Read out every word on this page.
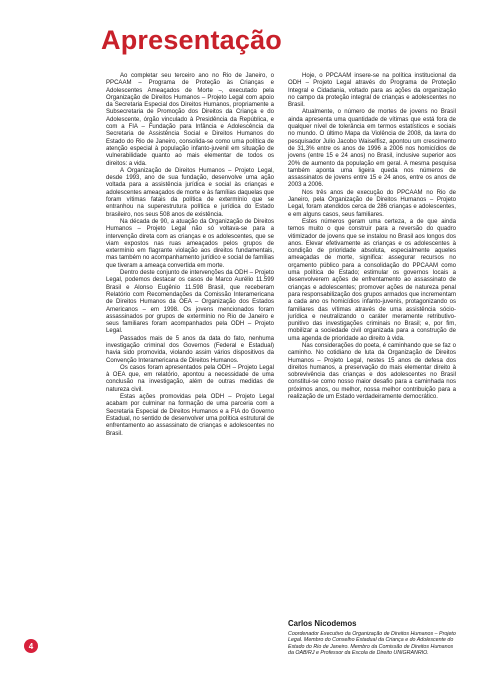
Apresentação

Ao completar seu terceiro ano no Rio de Janeiro, o PPCAAM – Programa de Proteção às Crianças e Adolescentes Ameaçados de Morte –, executado pela Organização de Direitos Humanos – Projeto Legal com apoio da Secretaria Especial dos Direitos Humanos, propriamente a Subsecretaria de Promoção dos Direitos da Criança e do Adolescente, órgão vinculado à Presidência da República, e com a FIA – Fundação para Infância e Adolescência da Secretaria de Assistência Social e Direitos Humanos do Estado do Rio de Janeiro, consolida-se como uma política de atenção especial à população infanto-juvenil em situação de vulnerabilidade quanto ao mais elementar de todos os direitos: a vida.

A Organização de Direitos Humanos – Projeto Legal, desde 1993, ano de sua fundação, desenvolve uma ação voltada para a assistência jurídica e social às crianças e adolescentes ameaçados de morte e às famílias daquelas que foram vítimas fatais da política de extermínio que se entranhou na superestrutura política e jurídica do Estado brasileiro, nos seus 508 anos de existência.

Na década de 90, a atuação da Organização de Direitos Humanos – Projeto Legal não só voltava-se para a intervenção direta com as crianças e os adolescentes, que se viam expostos nas ruas ameaçados pelos grupos de extermínio em flagrante violação aos direitos fundamentais, mas também no acompanhamento jurídico e social de famílias que tiveram a ameaça convertida em morte.

Dentro deste conjunto de intervenções da ODH – Projeto Legal, podemos destacar os casos de Marco Aurélio 11.599 Brasil e Alonso Eugênio 11.598 Brasil, que receberam Relatório com Recomendações da Comissão Interamericana de Direitos Humanos da OEA – Organização dos Estados Americanos – em 1998. Os jovens mencionados foram assassinados por grupos de extermínio no Rio de Janeiro e seus familiares foram acompanhados pela ODH – Projeto Legal.

Passados mais de 5 anos da data do fato, nenhuma investigação criminal dos Governos (Federal e Estadual) havia sido promovida, violando assim vários dispositivos da Convenção Interamericana de Direitos Humanos.

Os casos foram apresentados pela ODH – Projeto Legal à OEA que, em relatório, apontou a necessidade de uma conclusão na investigação, além de outras medidas de natureza civil.

Estas ações promovidas pela ODH – Projeto Legal acabam por culminar na formação de uma parceria com a Secretaria Especial de Direitos Humanos e a FIA do Governo Estadual, no sentido de desenvolver uma política estrutural de enfrentamento ao assassinato de crianças e adolescentes no Brasil.

Hoje, o PPCAAM insere-se na política institucional da ODH – Projeto Legal através do Programa de Proteção Integral e Cidadania, voltado para as ações da organização no campo da proteção integral de crianças e adolescentes no Brasil.

Atualmente, o número de mortes de jovens no Brasil ainda apresenta uma quantidade de vítimas que está fora de qualquer nível de tolerância em termos estatísticos e sociais no mundo. O último Mapa da Violência de 2008, da lavra do pesquisador Julio Jacobo Waiselfisz, apontou um crescimento de 31,3% entre os anos de 1996 a 2006 nos homicídios de jovens (entre 15 e 24 anos) no Brasil, inclusive superior aos 20% de aumento da população em geral. A mesma pesquisa também aponta uma ligeira queda nos números de assassinatos de jovens entre 15 e 24 anos, entre os anos de 2003 a 2006.

Nos três anos de execução do PPCAAM no Rio de Janeiro, pela Organização de Direitos Humanos – Projeto Legal, foram atendidos cerca de 286 crianças e adolescentes, e em alguns casos, seus familiares.

Estes números geram uma certeza, a de que ainda temos muito o que construir para a reversão do quadro vitimizador de jovens que se instalou no Brasil aos longos dos anos. Elevar efetivamente as crianças e os adolescentes à condição de prioridade absoluta, especialmente aqueles ameaçadas de morte, significa: assegurar recursos no orçamento público para a consolidação do PPCAAM como uma política de Estado; estimular os governos locais a desenvolverem ações de enfrentamento ao assassinato de crianças e adolescentes; promover ações de natureza penal para responsabilização dos grupos armados que incrementam a cada ano os homicídios infanto-juvenis, protagonizando os familiares das vítimas através de uma assistência sócio-jurídica e neutralizando o caráter meramente retributivo-punitivo das investigações criminais no Brasil; e, por fim, mobilizar a sociedade civil organizada para a construção de uma agenda de prioridade ao direito à vida.

Nas considerações do poeta, é caminhando que se faz o caminho. No cotidiano de luta da Organização de Direitos Humanos – Projeto Legal, nestes 15 anos de defesa dos direitos humanos, a preservação do mais elementar direito à sobrevivência das crianças e dos adolescentes no Brasil constitui-se como nosso maior desafio para a caminhada nos próximos anos, ou melhor, nossa melhor contribuição para a realização de um Estado verdadeiramente democrático.

Carlos Nicodemos

Coordenador Executivo da Organização de Direitos Humanos – Projeto Legal. Membro do Conselho Estadual da Criança e do Adolescente do Estado do Rio de Janeiro. Membro da Comissão de Direitos Humanos da OAB/RJ e Professor da Escola de Direito UNIGRANRIO.

4
